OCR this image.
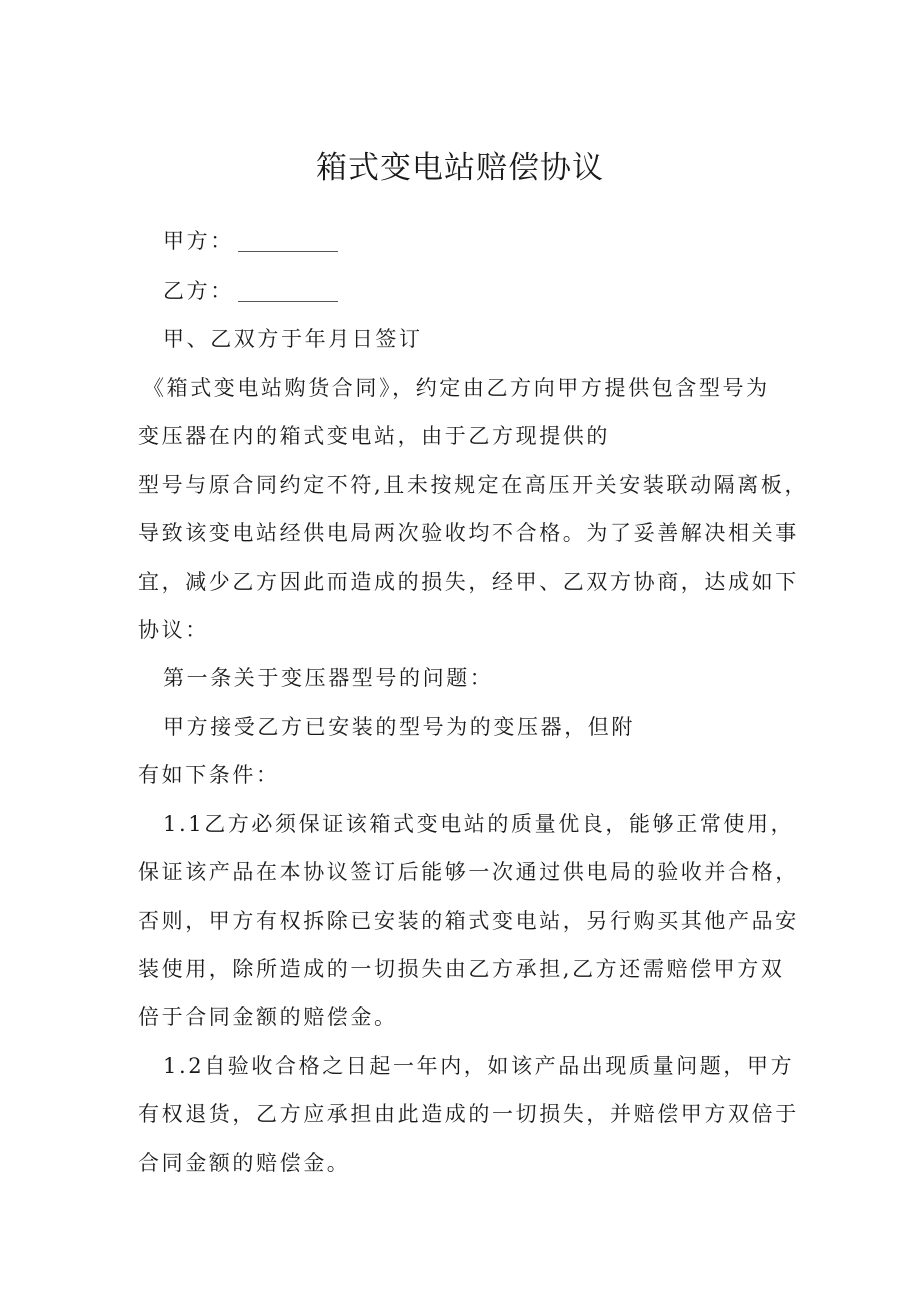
箱式变电站赔偿协议
甲方：
乙方：
甲、乙双方于年月日签订
《箱式变电站购货合同》，约定由乙方向甲方提供包含型号为
变压器在内的箱式变电站，由于乙方现提供的
型号与原合同约定不符,且未按规定在高压开关安装联动隔离板，
导致该变电站经供电局两次验收均不合格。为了妥善解决相关事
宜，减少乙方因此而造成的损失，经甲、乙双方协商，达成如下
协议：
第一条关于变压器型号的问题：
甲方接受乙方已安装的型号为的变压器，但附
有如下条件：
1.1乙方必须保证该箱式变电站的质量优良，能够正常使用，
保证该产品在本协议签订后能够一次通过供电局的验收并合格，
否则，甲方有权拆除已安装的箱式变电站，另行购买其他产品安
装使用，除所造成的一切损失由乙方承担,乙方还需赔偿甲方双
倍于合同金额的赔偿金。
1.2自验收合格之日起一年内，如该产品出现质量问题，甲方
有权退货，乙方应承担由此造成的一切损失，并赔偿甲方双倍于
合同金额的赔偿金。
